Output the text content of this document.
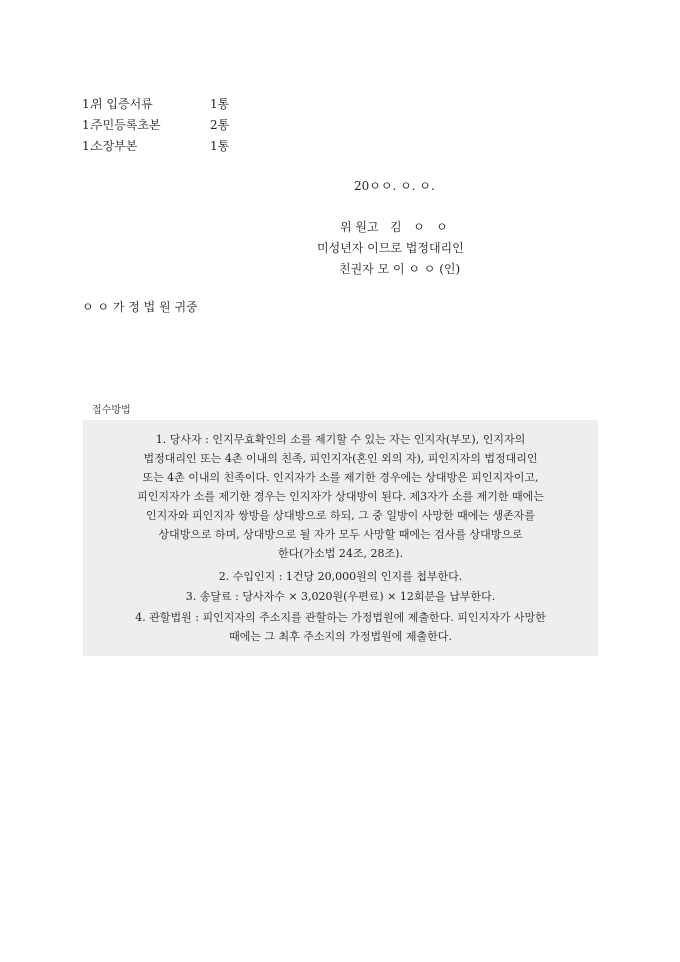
1.
위 입증서류	1통
1.
주민등록초본	2통
1.
소장부본	1통
20ㅇㅇ. ㅇ. ㅇ.
위 원고   김   ㅇ   ㅇ
미성년자 이므로 법정대리인
친권자 모 이 ㅇ ㅇ (인)
ㅇ ㅇ 가 정 법 원 귀중
접수방법
1. 당사자 : 인지무효확인의 소를 제기할 수 있는 자는 인지자(부모), 인지자의
법정대리인 또는 4촌 이내의 친족, 피인지자(혼인 외의 자), 피인지자의 법정대리인
또는 4촌 이내의 친족이다. 인지자가 소를 제기한 경우에는 상대방은 피인지자이고,
피인지자가 소를 제기한 경우는 인지자가 상대방이 된다. 제3자가 소를 제기한 때에는
인지자와 피인지자 쌍방을 상대방으로 하되, 그 중 일방이 사망한 때에는 생존자를
상대방으로 하며, 상대방으로 될 자가 모두 사망할 때에는 검사를 상대방으로
한다(가소법 24조, 28조).
2. 수입인지 : 1건당 20,000원의 인지를 첩부한다.
3. 송달료 : 당사자수 × 3,020원(우편료) × 12회분을 납부한다.
4. 관할법원 : 피인지자의 주소지를 관할하는 가정법원에 제출한다. 피인지자가 사망한
때에는 그 최후 주소지의 가정법원에 제출한다.
